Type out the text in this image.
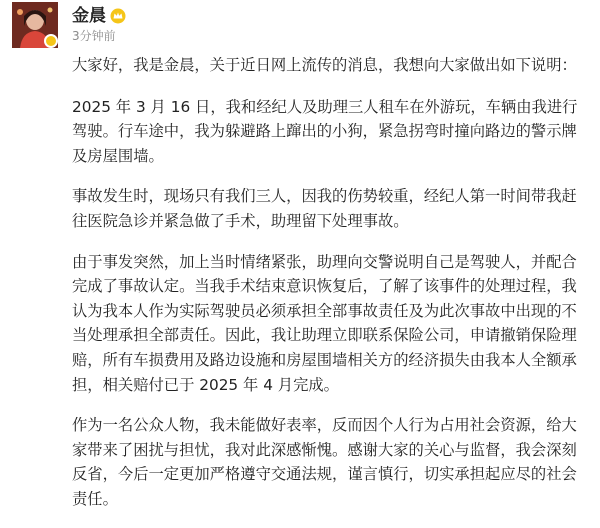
金晨
3分钟前

大家好，我是金晨，关于近日网上流传的消息，我想向大家做出如下说明：

2025 年 3 月 16 日，我和经纪人及助理三人租车在外游玩，车辆由我进行驾驶。行车途中，我为躲避路上蹿出的小狗，紧急拐弯时撞向路边的警示牌及房屋围墙。

事故发生时，现场只有我们三人，因我的伤势较重，经纪人第一时间带我赶往医院急诊并紧急做了手术，助理留下处理事故。

由于事发突然，加上当时情绪紧张，助理向交警说明自己是驾驶人，并配合完成了事故认定。当我手术结束意识恢复后，了解了该事件的处理过程，我认为我本人作为实际驾驶员必须承担全部事故责任及为此次事故中出现的不当处理承担全部责任。因此，我让助理立即联系保险公司，申请撤销保险理赔，所有车损费用及路边设施和房屋围墙相关方的经济损失由我本人全额承担，相关赔付已于 2025 年 4 月完成。

作为一名公众人物，我未能做好表率，反而因个人行为占用社会资源，给大家带来了困扰与担忧，我对此深感惭愧。感谢大家的关心与监督，我会深刻反省，今后一定更加严格遵守交通法规，谨言慎行，切实承担起应尽的社会责任。
